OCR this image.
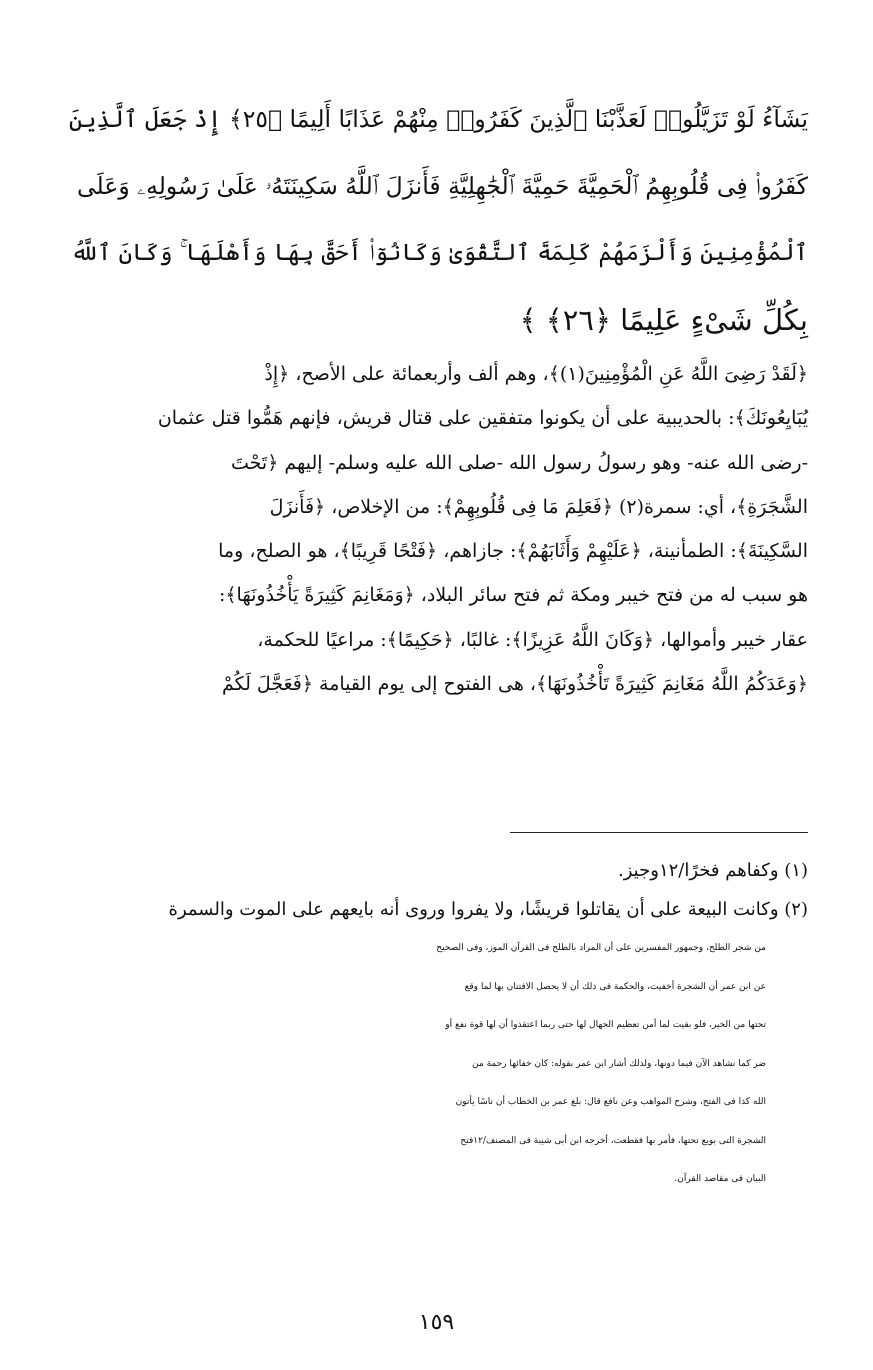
يَشَآءُ لَوْ تَزَيَّلُوا۟ لَعَذَّبْنَا ٱلَّذِينَ كَفَرُوا۟ مِنْهُمْ عَذَابًا أَلِيمًا ﴿٢٥﴾ إِذْ جَعَلَ ٱلَّذِينَ
كَفَرُوا۟ فِى قُلُوبِهِمُ ٱلْحَمِيَّةَ حَمِيَّةَ ٱلْجَٰهِلِيَّةِ فَأَنزَلَ ٱللَّهُ سَكِينَتَهُۥ عَلَىٰ رَسُولِهِۦ وَعَلَى
ٱلْمُؤْمِنِينَ وَأَلْزَمَهُمْ كَلِمَةَ ٱلتَّقْوَىٰ وَكَانُوٓا۟ أَحَقَّ بِهَا وَأَهْلَهَا ۚ وَكَانَ ٱللَّهُ
بِكُلِّ شَىْءٍ عَلِيمًا ﴿٢٦﴾ ﴾
﴿لَقَدْ رَضِىَ اللَّهُ عَنِ الْمُؤْمِنِينَ(١)﴾، وهم ألف وأربعمائة على الأصح، ﴿إِذْ
يُبَايِعُونَكَ﴾: بالحديبية على أن يكونوا متفقين على قتال قريش، فإنهم هَمُّوا قتل عثمان
-رضى الله عنه- وهو رسولُ رسول الله -صلى الله عليه وسلم- إليهم ﴿تَحْتَ
الشَّجَرَةِ﴾، أي: سمرة(٢) ﴿فَعَلِمَ مَا فِى قُلُوبِهِمْ﴾: من الإخلاص، ﴿فَأَنزَلَ
السَّكِينَةَ﴾: الطمأنينة، ﴿عَلَيْهِمْ وَأَثَابَهُمْ﴾: جازاهم، ﴿فَتْحًا قَرِيبًا﴾، هو الصلح، وما
هو سبب له من فتح خيبر ومكة ثم فتح سائر البلاد، ﴿وَمَغَانِمَ كَثِيرَةً يَأْخُذُونَهَا﴾:
عقار خيبر وأموالها، ﴿وَكَانَ اللَّهُ عَزِيزًا﴾: غالبًا، ﴿حَكِيمًا﴾: مراعيًا للحكمة،
﴿وَعَدَكُمُ اللَّهُ مَغَانِمَ كَثِيرَةً تَأْخُذُونَهَا﴾، هى الفتوح إلى يوم القيامة ﴿فَعَجَّلَ لَكُمْ
(١) وكفاهم فخرًا/١٢وجيز.
(٢) وكانت البيعة على أن يقاتلوا قريشًا، ولا يفروا وروى أنه بايعهم على الموت والسمرة
من شجر الطلح، وجمهور المفسرين على أن المراد بالطلح فى القرآن الموز، وفى الصحيح
عن ابن عمر أن الشجرة أخفيت، والحكمة فى ذلك أن لا يحصل الافتتان بها لما وقع
تحتها من الخير، فلو بقيت لما أمن تعظيم الجهال لها حتى ربما اعتقدوا أن لها قوة نفع أو
ضر كما نشاهد الآن فيما دونها، ولذلك أشار ابن عمر بقوله: كان خفائها رحمة من
الله كذا فى الفتح، وشرح المواهب وعن نافع قال: بلغ عمر بن الخطاب أن ناسًا يأتون
الشجرة التى بويع تحتها، فأمر بها فقطعت، أخرجه ابن أبى شيبة فى المصنف/١٢فتح
البيان فى مقاصد القرآن.
١٥٩
